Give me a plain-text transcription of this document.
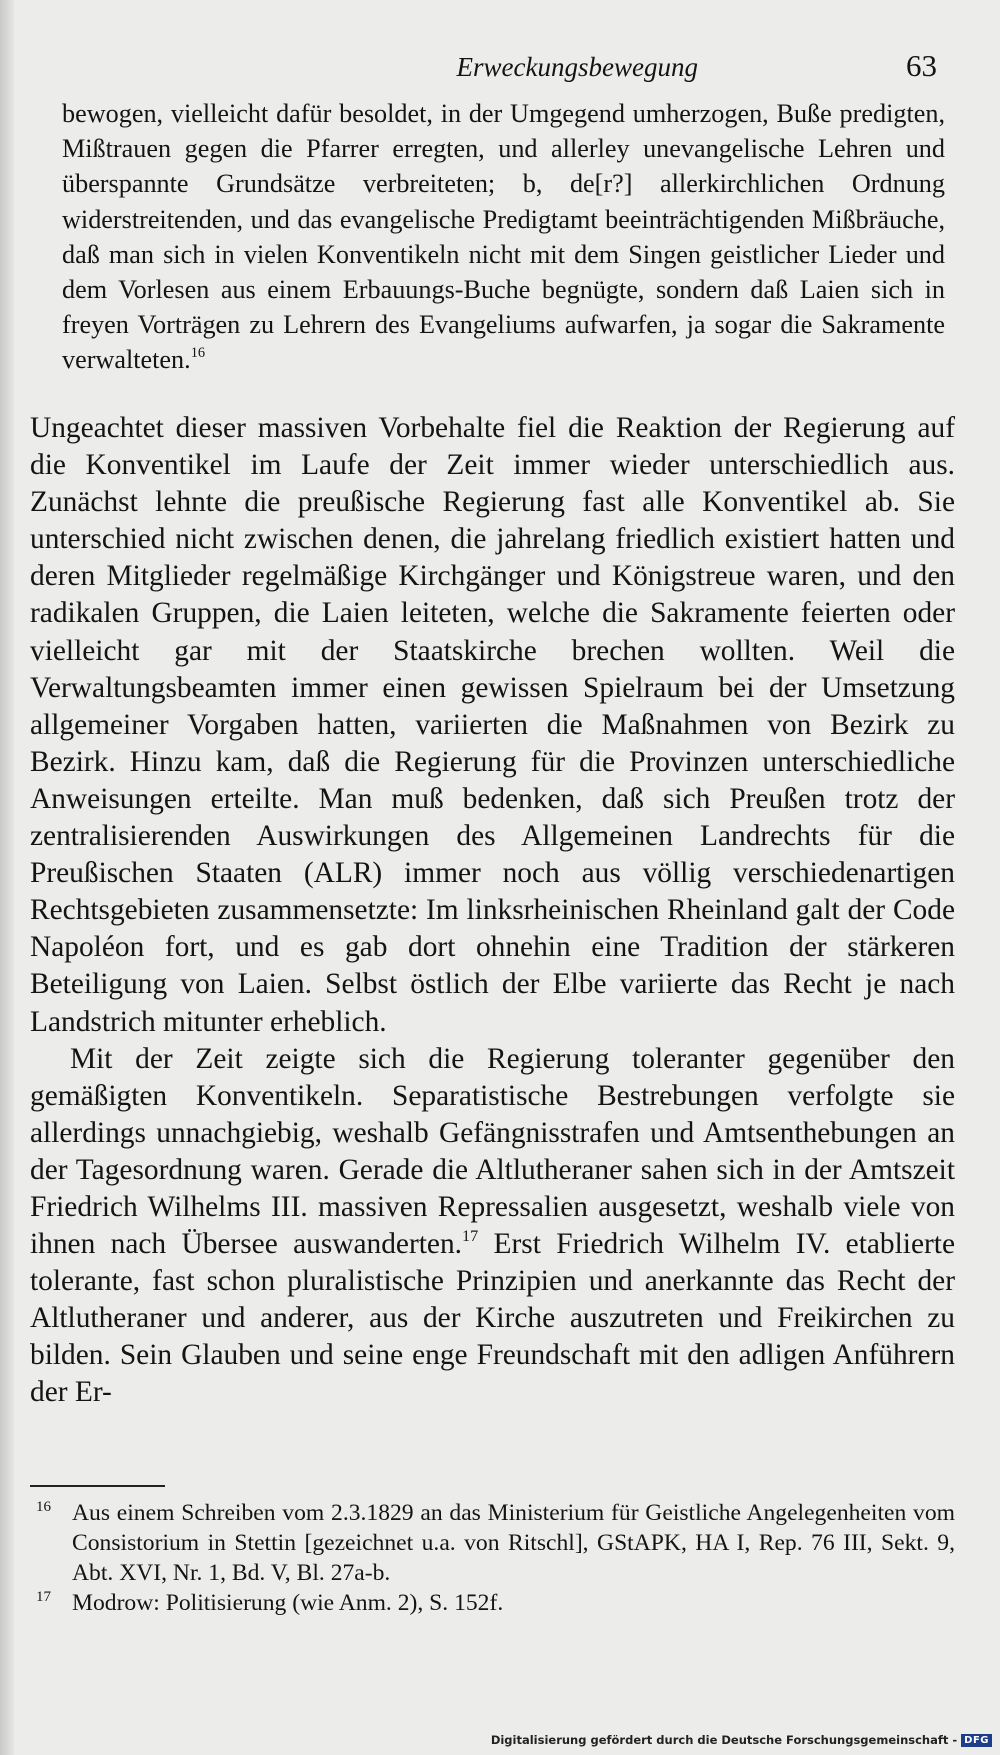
Erweckungsbewegung	63
bewogen, vielleicht dafür besoldet, in der Umgegend umherzogen, Buße predigten, Mißtrauen gegen die Pfarrer erregten, und allerley unevangelische Lehren und überspannte Grundsätze verbreiteten; b, de[r?] allerkirchlichen Ordnung widerstreitenden, und das evangelische Predigtamt beeinträchtigenden Mißbräuche, daß man sich in vielen Konventikeln nicht mit dem Singen geistlicher Lieder und dem Vorlesen aus einem Erbauungs-Buche begnügte, sondern daß Laien sich in freyen Vorträgen zu Lehrern des Evangeliums aufwarfen, ja sogar die Sakramente verwalteten.$^{16}$

Ungeachtet dieser massiven Vorbehalte fiel die Reaktion der Regierung auf die Konventikel im Laufe der Zeit immer wieder unterschiedlich aus. Zunächst lehnte die preußische Regierung fast alle Konventikel ab. Sie unterschied nicht zwischen denen, die jahrelang friedlich existiert hatten und deren Mitglieder regelmäßige Kirchgänger und Königstreue waren, und den radikalen Gruppen, die Laien leiteten, welche die Sakramente feierten oder vielleicht gar mit der Staatskirche brechen wollten. Weil die Verwaltungsbeamten immer einen gewissen Spielraum bei der Umsetzung allgemeiner Vorgaben hatten, variierten die Maßnahmen von Bezirk zu Bezirk. Hinzu kam, daß die Regierung für die Provinzen unterschiedliche Anweisungen erteilte. Man muß bedenken, daß sich Preußen trotz der zentralisierenden Auswirkungen des Allgemeinen Landrechts für die Preußischen Staaten (ALR) immer noch aus völlig verschiedenartigen Rechtsgebieten zusammensetzte: Im linksrheinischen Rheinland galt der Code Napoléon fort, und es gab dort ohnehin eine Tradition der stärkeren Beteiligung von Laien. Selbst östlich der Elbe variierte das Recht je nach Landstrich mitunter erheblich.

Mit der Zeit zeigte sich die Regierung toleranter gegenüber den gemäßigten Konventikeln. Separatistische Bestrebungen verfolgte sie allerdings unnachgiebig, weshalb Gefängnisstrafen und Amtsenthebungen an der Tagesordnung waren. Gerade die Altlutheraner sahen sich in der Amtszeit Friedrich Wilhelms III. massiven Repressalien ausgesetzt, weshalb viele von ihnen nach Übersee auswanderten.$^{17}$ Erst Friedrich Wilhelm IV. etablierte tolerante, fast schon pluralistische Prinzipien und anerkannte das Recht der Altlutheraner und anderer, aus der Kirche auszutreten und Freikirchen zu bilden. Sein Glauben und seine enge Freundschaft mit den adligen Anführern der Er-

16 Aus einem Schreiben vom 2.3.1829 an das Ministerium für Geistliche Angelegenheiten vom Consistorium in Stettin [gezeichnet u.a. von Ritschl], GStAPK, HA I, Rep. 76 III, Sekt. 9, Abt. XVI, Nr. 1, Bd. V, Bl. 27a-b.
17 Modrow: Politisierung (wie Anm. 2), S. 152f.
Digitalisierung gefördert durch die Deutsche Forschungsgemeinschaft - DFG
